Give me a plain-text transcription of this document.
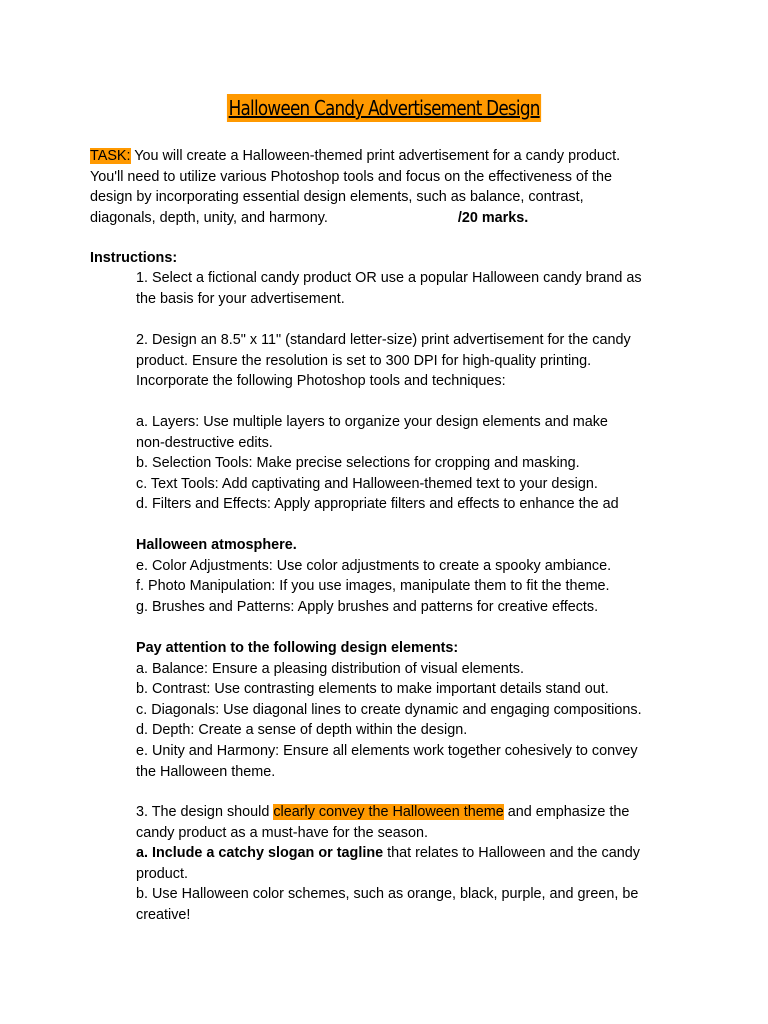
Halloween Candy Advertisement Design
TASK: You will create a Halloween-themed print advertisement for a candy product.
You'll need to utilize various Photoshop tools and focus on the effectiveness of the
design by incorporating essential design elements, such as balance, contrast,
diagonals, depth, unity, and harmony.	/20 marks.
Instructions:
1. Select a fictional candy product OR use a popular Halloween candy brand as
the basis for your advertisement.
2. Design an 8.5" x 11" (standard letter-size) print advertisement for the candy
product. Ensure the resolution is set to 300 DPI for high-quality printing.
Incorporate the following Photoshop tools and techniques:
a. Layers: Use multiple layers to organize your design elements and make
non-destructive edits.
b. Selection Tools: Make precise selections for cropping and masking.
c. Text Tools: Add captivating and Halloween-themed text to your design.
d. Filters and Effects: Apply appropriate filters and effects to enhance the ad
Halloween atmosphere.
e. Color Adjustments: Use color adjustments to create a spooky ambiance.
f. Photo Manipulation: If you use images, manipulate them to fit the theme.
g. Brushes and Patterns: Apply brushes and patterns for creative effects.
Pay attention to the following design elements:
a. Balance: Ensure a pleasing distribution of visual elements.
b. Contrast: Use contrasting elements to make important details stand out.
c. Diagonals: Use diagonal lines to create dynamic and engaging compositions.
d. Depth: Create a sense of depth within the design.
e. Unity and Harmony: Ensure all elements work together cohesively to convey
the Halloween theme.
3. The design should clearly convey the Halloween theme and emphasize the
candy product as a must-have for the season.
a. Include a catchy slogan or tagline that relates to Halloween and the candy
product.
b. Use Halloween color schemes, such as orange, black, purple, and green, be
creative!
